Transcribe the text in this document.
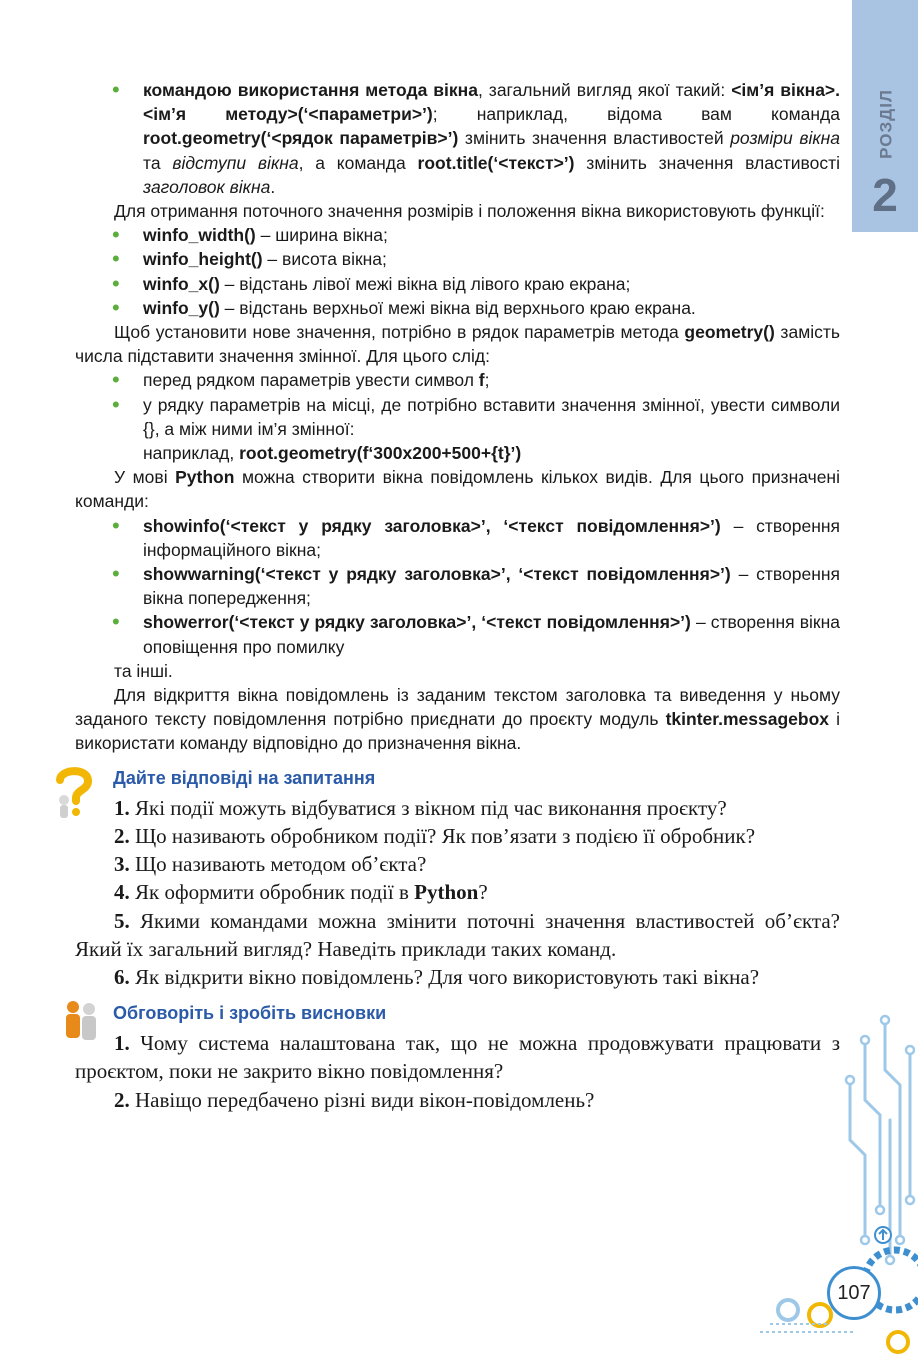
РОЗДІЛ
2

• командою використання метода вікна, загальний вигляд якої такий: <ім’я вікна>.<ім’я методу>(‘<параметри>’); наприклад, відома вам команда root.geometry(‘<рядок параметрів>’) змінить значення властивостей розміри вікна та відступи вікна, а команда root.title(‘<текст>’) змінить значення властивості заголовок вікна.

Для отримання поточного значення розмірів і положення вікна використовують функції:

• winfo_width() – ширина вікна;

• winfo_height() – висота вікна;

• winfo_x() – відстань лівої межі вікна від лівого краю екрана;

• winfo_y() – відстань верхньої межі вікна від верхнього краю екрана.

Щоб установити нове значення, потрібно в рядок параметрів метода geometry() замість числа підставити значення змінної. Для цього слід:

• перед рядком параметрів увести символ f;

• у рядку параметрів на місці, де потрібно вставити значення змінної, увести символи {}, а між ними ім’я змінної:

наприклад, root.geometry(f‘300x200+500+{t}’)

У мові Python можна створити вікна повідомлень кількох видів. Для цього призначені команди:

• showinfo(‘<текст у рядку заголовка>’, ‘<текст повідомлення>’) – створення інформаційного вікна;

• showwarning(‘<текст у рядку заголовка>’, ‘<текст повідомлення>’) – створення вікна попередження;

• showerror(‘<текст у рядку заголовка>’, ‘<текст повідомлення>’) – створення вікна оповіщення про помилку

та інші.

Для відкриття вікна повідомлень із заданим текстом заголовка та виведення у ньому заданого тексту повідомлення потрібно приєднати до проєкту модуль tkinter.messagebox і використати команду відповідно до призначення вікна.

Дайте відповіді на запитання

1. Які події можуть відбуватися з вікном під час виконання проєкту?

2. Що називають обробником події? Як пов’язати з подією її обробник?

3. Що називають методом об’єкта?

4. Як оформити обробник події в Python?

5. Якими командами можна змінити поточні значення властивостей об’єкта? Який їх загальний вигляд? Наведіть приклади таких команд.

6. Як відкрити вікно повідомлень? Для чого використовують такі вікна?

Обговоріть і зробіть висновки

1. Чому система налаштована так, що не можна продовжувати працювати з проєктом, поки не закрито вікно повідомлення?

2. Навіщо передбачено різні види вікон-повідомлень?

107
